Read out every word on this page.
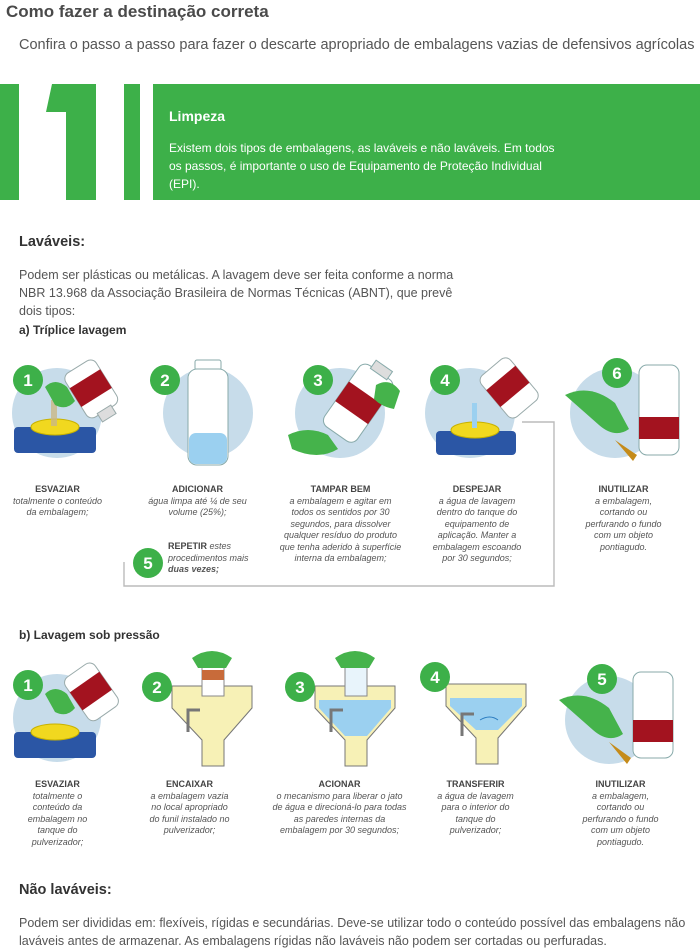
Como fazer a destinação correta
Confira o passo a passo para fazer o descarte apropriado de embalagens vazias de defensivos agrícolas
1
Limpeza
Existem dois tipos de embalagens, as laváveis e não laváveis. Em todos os passos, é importante o uso de Equipamento de Proteção Individual (EPI).
Laváveis:
Podem ser plásticas ou metálicas. A lavagem deve ser feita conforme a norma NBR 13.968 da Associação Brasileira de Normas Técnicas (ABNT), que prevê dois tipos:
a) Tríplice lavagem
1	2	3	4	6
ESVAZIAR
totalmente o conteúdo da embalagem;
ADICIONAR
água limpa até ¼ de seu volume (25%);
TAMPAR BEM
a embalagem e agitar em todos os sentidos por 30 segundos, para dissolver qualquer resíduo do produto que tenha aderido à superfície interna da embalagem;
DESPEJAR
a água de lavagem dentro do tanque do equipamento de aplicação. Manter a embalagem escoando por 30 segundos;
INUTILIZAR
a embalagem, cortando ou perfurando o fundo com um objeto pontiagudo.
5
REPETIR estes procedimentos mais duas vezes;
b) Lavagem sob pressão
1	2	3
4	5
ESVAZIAR
totalmente o conteúdo da embalagem no tanque do pulverizador;
ENCAIXAR
a embalagem vazia no local apropriado do funil instalado no pulverizador;
ACIONAR
o mecanismo para liberar o jato de água e direcioná-lo para todas as paredes internas da embalagem por 30 segundos;
TRANSFERIR
a água de lavagem para o interior do tanque do pulverizador;
INUTILIZAR
a embalagem, cortando ou perfurando o fundo com um objeto pontiagudo.
Não laváveis:
Podem ser divididas em: flexíveis, rígidas e secundárias. Deve-se utilizar todo o conteúdo possível das embalagens não laváveis antes de armazenar. As embalagens rígidas não laváveis não podem ser cortadas ou perfuradas.
